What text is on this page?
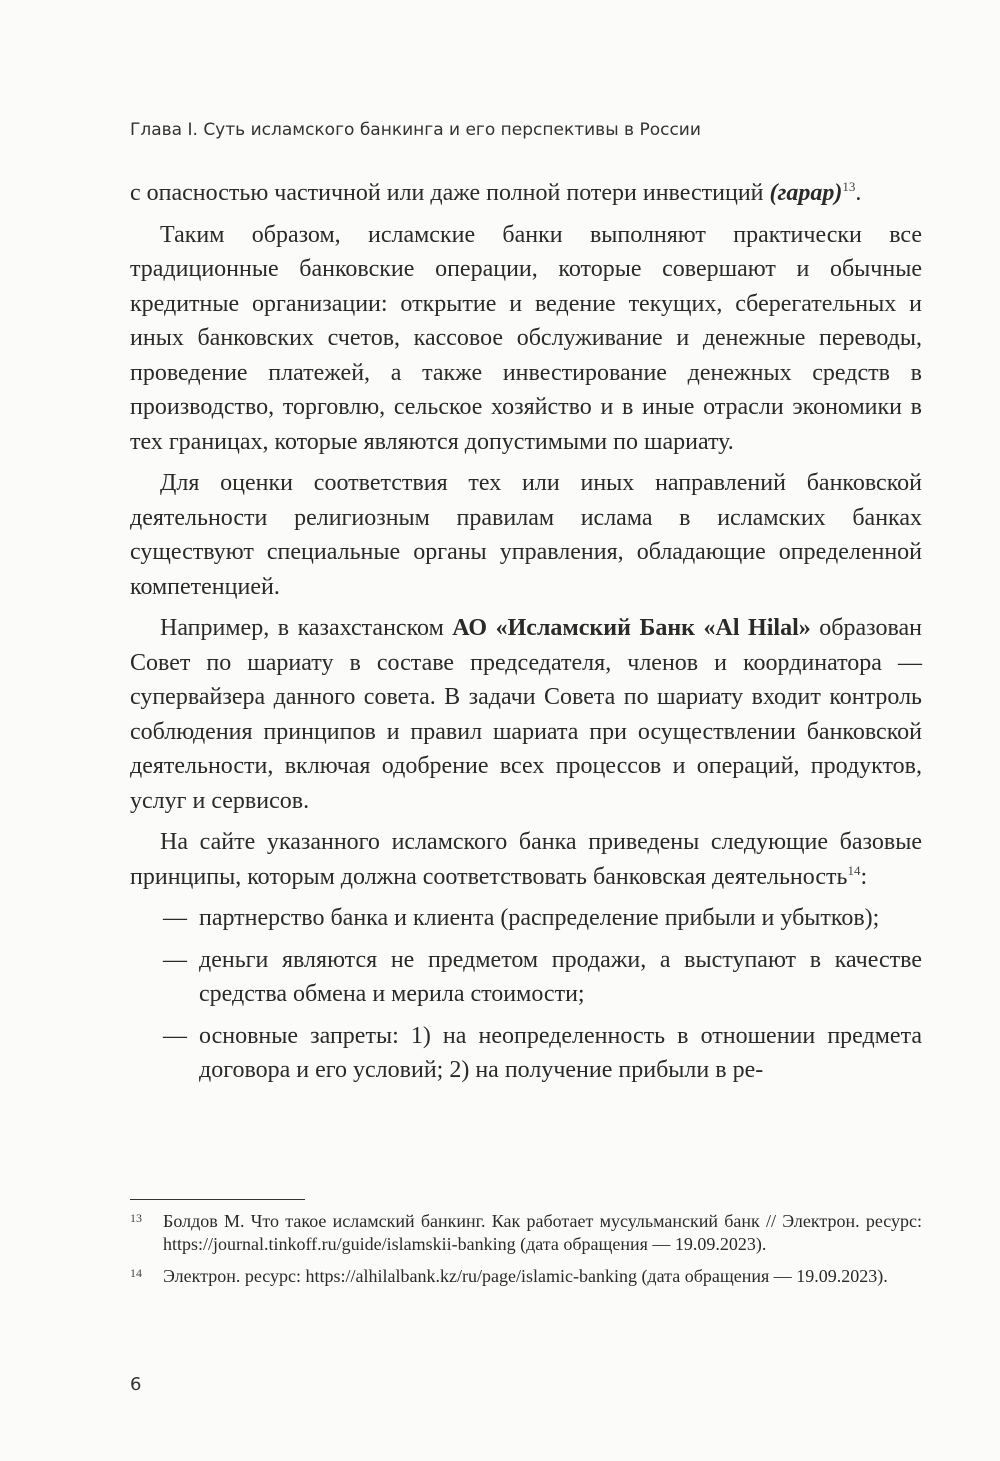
Глава I. Суть исламского банкинга и его перспективы в России

с опасностью частичной или даже полной потери инвестиций (гарар)$^{13}$.

Таким образом, исламские банки выполняют практически все традиционные банковские операции, которые совершают и обычные кредитные организации: открытие и ведение текущих, сберегательных и иных банковских счетов, кассовое обслуживание и денежные переводы, проведение платежей, а также инвестирование денежных средств в производство, торговлю, сельское хозяйство и в иные отрасли экономики в тех границах, которые являются допустимыми по шариату.

Для оценки соответствия тех или иных направлений банковской деятельности религиозным правилам ислама в исламских банках существуют специальные органы управления, обладающие определенной компетенцией.

Например, в казахстанском АО «Исламский Банк «Al Hilal» образован Совет по шариату в составе председателя, членов и координатора — супервайзера данного совета. В задачи Совета по шариату входит контроль соблюдения принципов и правил шариата при осуществлении банковской деятельности, включая одобрение всех процессов и операций, продуктов, услуг и сервисов.

На сайте указанного исламского банка приведены следующие базовые принципы, которым должна соответствовать банковская деятельность$^{14}$:

— партнерство банка и клиента (распределение прибыли и убытков);
— деньги являются не предметом продажи, а выступают в качестве средства обмена и мерила стоимости;
— основные запреты: 1) на неопределенность в отношении предмета договора и его условий; 2) на получение прибыли в ре-
13 Болдов М. Что такое исламский банкинг. Как работает мусульманский банк // Электрон. ресурс: https://journal.tinkoff.ru/guide/islamskii-banking (дата обращения — 19.09.2023).
14 Электрон. ресурс: https://alhilalbank.kz/ru/page/islamic-banking (дата обращения — 19.09.2023).
6
